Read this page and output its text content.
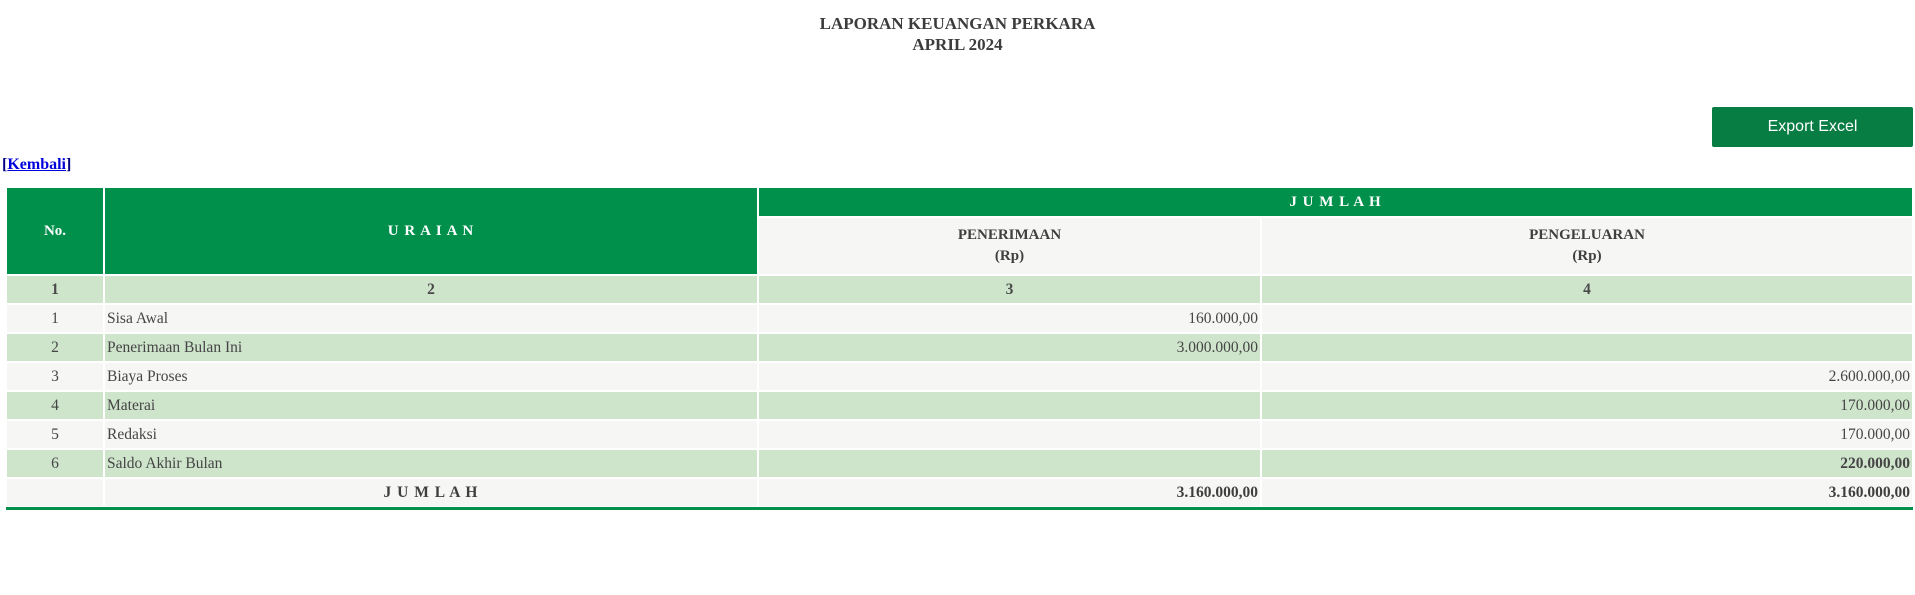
LAPORAN KEUANGAN PERKARA
APRIL 2024
Export Excel
[Kembali]
No.	U R A I A N	J U M L A H	

PENERIMAAN
(Rp)

PENGELUARAN
(Rp)

1	2	3	4
1	Sisa Awal	160.000,00	
2	Penerimaan Bulan Ini	3.000.000,00	
3	Biaya Proses		2.600.000,00
4	Materai		170.000,00
5	Redaksi		170.000,00
6	Saldo Akhir Bulan		220.000,00
	J U M L A H	3.160.000,00	3.160.000,00
